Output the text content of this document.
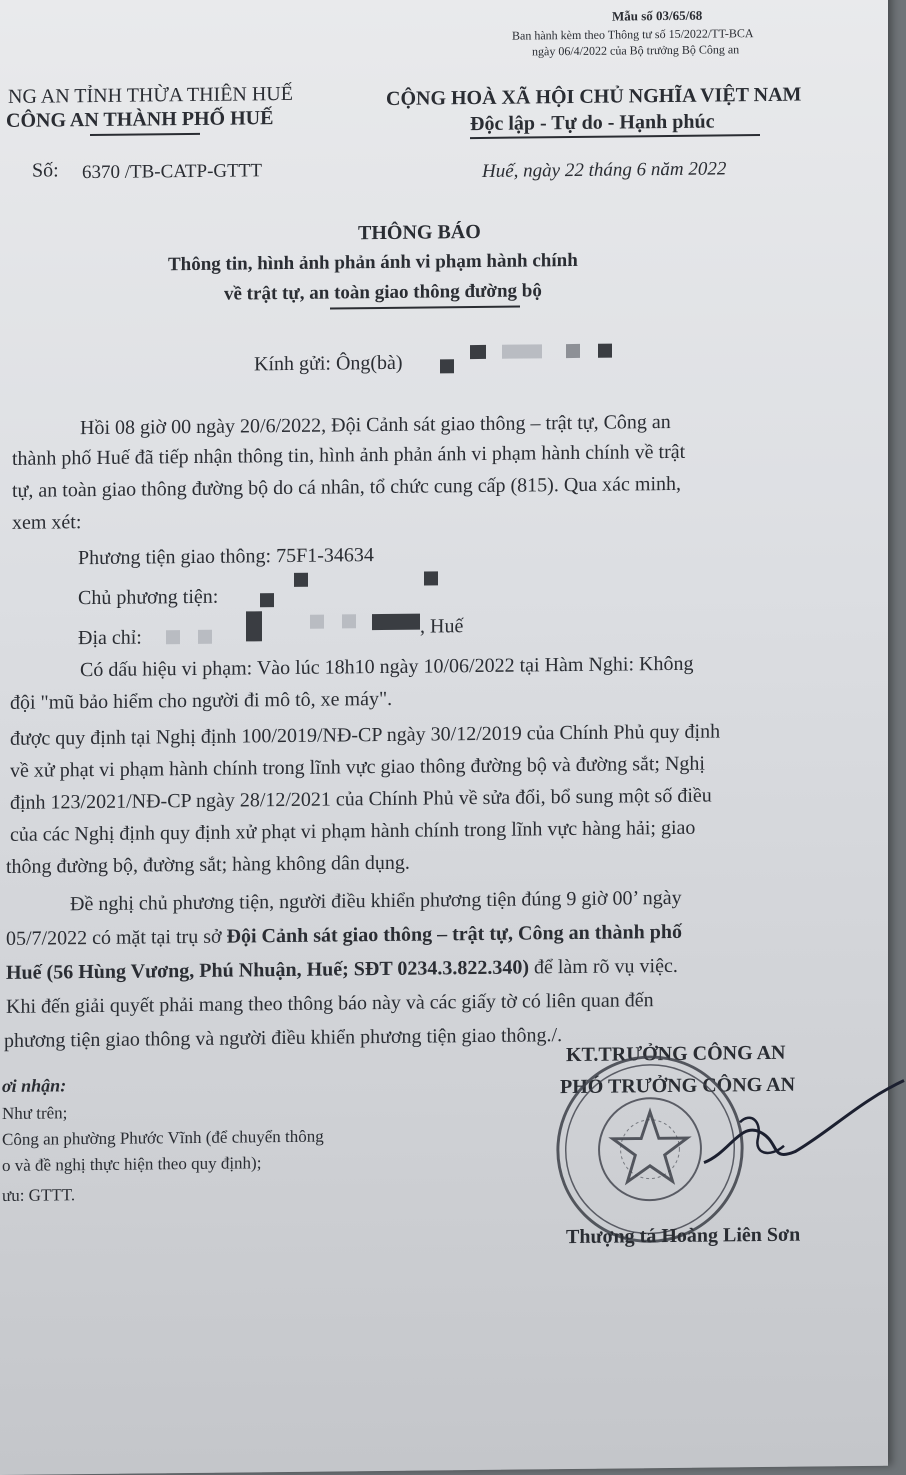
Mẫu số 03/65/68
Ban hành kèm theo Thông tư số 15/2022/TT-BCA
ngày 06/4/2022 của Bộ trưởng Bộ Công an
NG AN TỈNH THỪA THIÊN HUẾ
CÔNG AN THÀNH PHỐ HUẾ
Số: 6370 /TB-CATP-GTTT
CỘNG HOÀ XÃ HỘI CHỦ NGHĨA VIỆT NAM
Độc lập - Tự do - Hạnh phúc
Huế, ngày 22 tháng 6 năm 2022
THÔNG BÁO
Thông tin, hình ảnh phản ánh vi phạm hành chính
về trật tự, an toàn giao thông đường bộ
Kính gửi: Ông(bà)
Hồi 08 giờ 00 ngày 20/6/2022, Đội Cảnh sát giao thông – trật tự, Công an
thành phố Huế đã tiếp nhận thông tin, hình ảnh phản ánh vi phạm hành chính về trật
tự, an toàn giao thông đường bộ do cá nhân, tổ chức cung cấp (815). Qua xác minh,
xem xét:
Phương tiện giao thông: 75F1-34634
Chủ phương tiện:
Địa chỉ:
, Huế
Có dấu hiệu vi phạm: Vào lúc 18h10 ngày 10/06/2022 tại Hàm Nghi: Không
đội "mũ bảo hiểm cho người đi mô tô, xe máy".
được quy định tại Nghị định 100/2019/NĐ-CP ngày 30/12/2019 của Chính Phủ quy định
về xử phạt vi phạm hành chính trong lĩnh vực giao thông đường bộ và đường sắt; Nghị
định 123/2021/NĐ-CP ngày 28/12/2021 của Chính Phủ về sửa đổi, bổ sung một số điều
của các Nghị định quy định xử phạt vi phạm hành chính trong lĩnh vực hàng hải; giao
thông đường bộ, đường sắt; hàng không dân dụng.
Đề nghị chủ phương tiện, người điều khiển phương tiện đúng 9 giờ 00’ ngày
05/7/2022 có mặt tại trụ sở Đội Cảnh sát giao thông – trật tự, Công an thành phố
Huế (56 Hùng Vương, Phú Nhuận, Huế; SĐT 0234.3.822.340) để làm rõ vụ việc.
Khi đến giải quyết phải mang theo thông báo này và các giấy tờ có liên quan đến
phương tiện giao thông và người điều khiển phương tiện giao thông./.
ơi nhận:
Như trên;
Công an phường Phước Vĩnh (để chuyển thông
o và đề nghị thực hiện theo quy định);
ưu: GTTT.
KT.TRƯỞNG CÔNG AN
PHÓ TRƯỞNG CÔNG AN
Thượng tá Hoàng Liên Sơn
